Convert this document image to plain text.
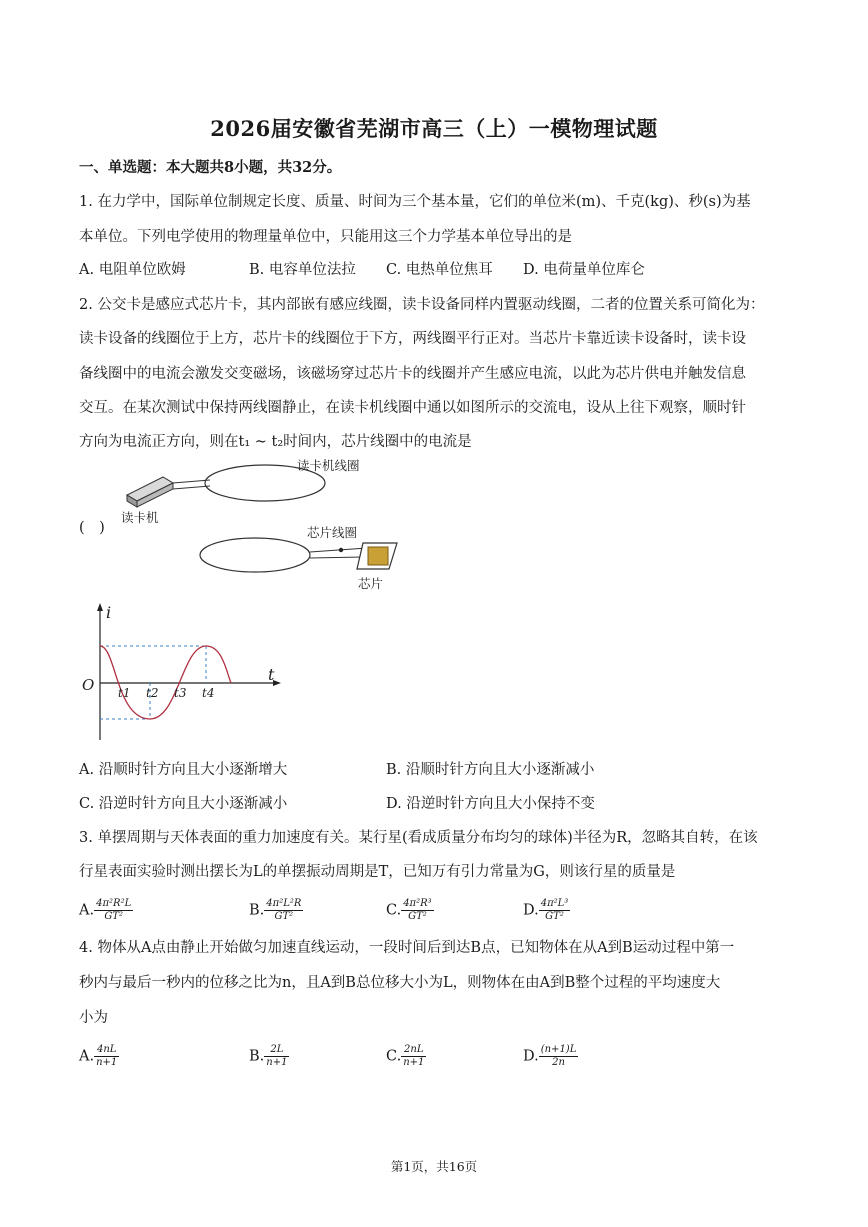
2026届安徽省芜湖市高三（上）一模物理试题
一、单选题：本大题共8小题，共32分。
1. 在力学中，国际单位制规定长度、质量、时间为三个基本量，它们的单位米(m)、千克(kg)、秒(s)为基
本单位。下列电学使用的物理量单位中，只能用这三个力学基本单位导出的是
A. 电阻单位欧姆	B. 电容单位法拉 C. 电热单位焦耳 D. 电荷量单位库仑
2. 公交卡是感应式芯片卡，其内部嵌有感应线圈，读卡设备同样内置驱动线圈，二者的位置关系可简化为：
读卡设备的线圈位于上方，芯片卡的线圈位于下方，两线圈平行正对。当芯片卡靠近读卡设备时，读卡设
备线圈中的电流会激发交变磁场，该磁场穿过芯片卡的线圈并产生感应电流，以此为芯片供电并触发信息
交互。在某次测试中保持两线圈静止，在读卡机线圈中通以如图所示的交流电，设从上往下观察，顺时针
方向为电流正方向，则在t₁ ~ t₂时间内，芯片线圈中的电流是
(　)
读卡机线圈
读卡机
芯片线圈
芯片
i
t
O t1 t2 t3 t4
A. 沿顺时针方向且大小逐渐增大	B. 沿顺时针方向且大小逐渐减小
C. 沿逆时针方向且大小逐渐减小	D. 沿逆时针方向且大小保持不变
3. 单摆周期与天体表面的重力加速度有关。某行星(看成质量分布均匀的球体)半径为R，忽略其自转，在该
行星表面实验时测出摆长为L的单摆振动周期是T，已知万有引力常量为G，则该行星的质量是
A. $\frac{\text{4π²R²L}}{\text{GT²}}$	B. $\frac{\text{4π²L²R}}{\text{GT²}}$	C. $\frac{\text{4π²R³}}{\text{GT²}}$	D. $\frac{\text{4π²L³}}{\text{GT²}}$
4. 物体从A点由静止开始做匀加速直线运动，一段时间后到达B点，已知物体在从A到B运动过程中第一
秒内与最后一秒内的位移之比为n，且A到B总位移大小为L，则物体在由A到B整个过程的平均速度大
小为
A. $\frac{4nL}{n+1}$	B. $\frac{2L}{n+1}$	C. $\frac{2nL}{n+1}$	D. $\frac{(n+1)L}{2n}$
第1页，共16页
